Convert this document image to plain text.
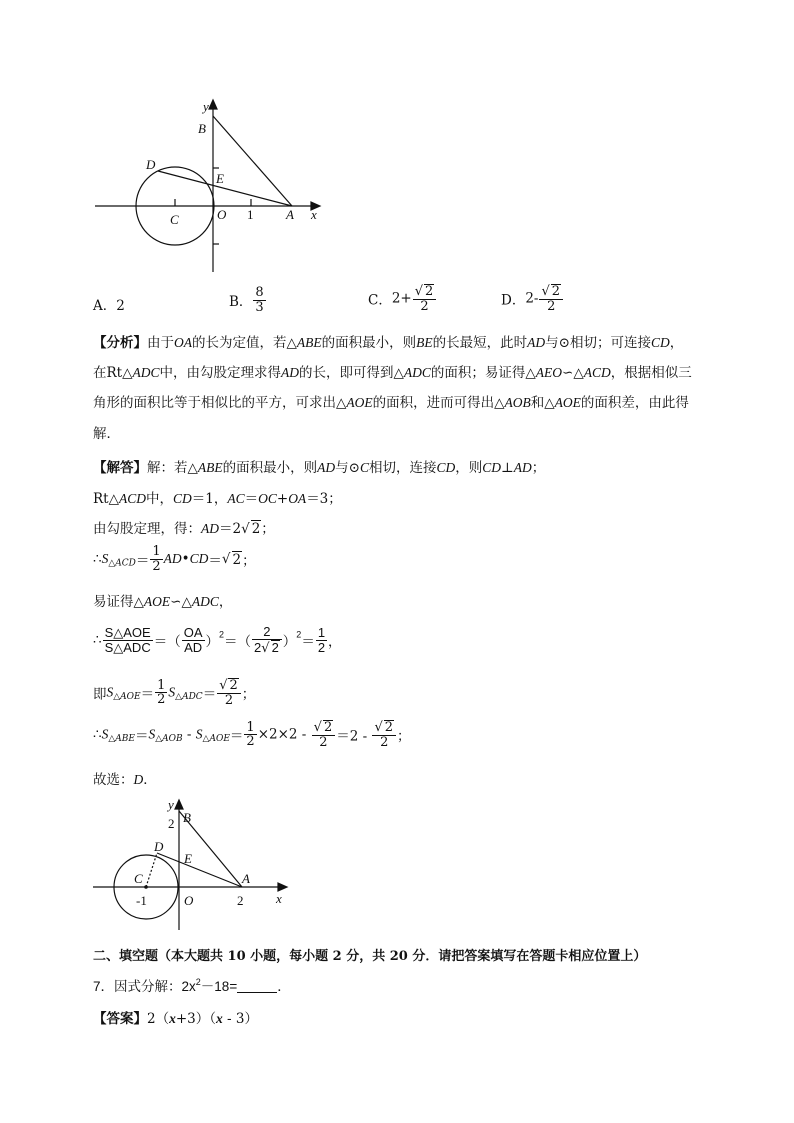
y
x
B
D
E
C	O 1	A
A．2	B． $\frac{8}{3}$	C．$2+ \frac{√ 2}{2}$	D．$2- \frac{√ 2}{2}$
【分析】由于OA的长为定值，若△ABE的面积最小，则BE的长最短，此时AD与⊙相切；可连接CD，
在Rt△ADC中，由勾股定理求得AD的长，即可得到△ADC的面积；易证得△AEO∽△ACD，根据相似三
角形的面积比等于相似比的平方，可求出△AOE的面积，进而可得出△AOB和△AOE的面积差，由此得
解．
【解答】解：若△ABE的面积最小，则AD与⊙C相切，连接CD，则CD⊥AD；
Rt△ACD中，CD＝1，AC＝OC+OA＝3；
由勾股定理，得：AD＝2√ 2；
$\therefore S_{\triangle ACD}= \frac{1}{2}$ AD•CD＝√ 2；
易证得△AOE∽△ADC，
∴ $\frac{\text{S△AOE}}{\text{S△ADC}}$ ＝（ $\frac{OA}{AD} )^2=( \frac{2}{2√ 2} )^2= \frac{1}{2}$ ，
即$S_{\triangle AOE}= \frac{1}{2} S_{\triangle ADC}= \frac{√ 2}{2}$ ；
$\therefore S_{\triangle ABE}=S_{\triangle AOB} - S_{\triangle AOE}= \frac{1}{2} \times 2\times 2 - \frac{√ 2}{2} =2 - \frac{√ 2}{2}$ ；
故选：D．
y
x
B
2
D
E
C	A
-1	O	2
二、填空题（本大题共 10 小题，每小题 2 分，共 20 分．请把答案填写在答题卡相应位置上）
7．因式分解：$2x^2-18=$	．
【答案】2（x+3）（x - 3）
